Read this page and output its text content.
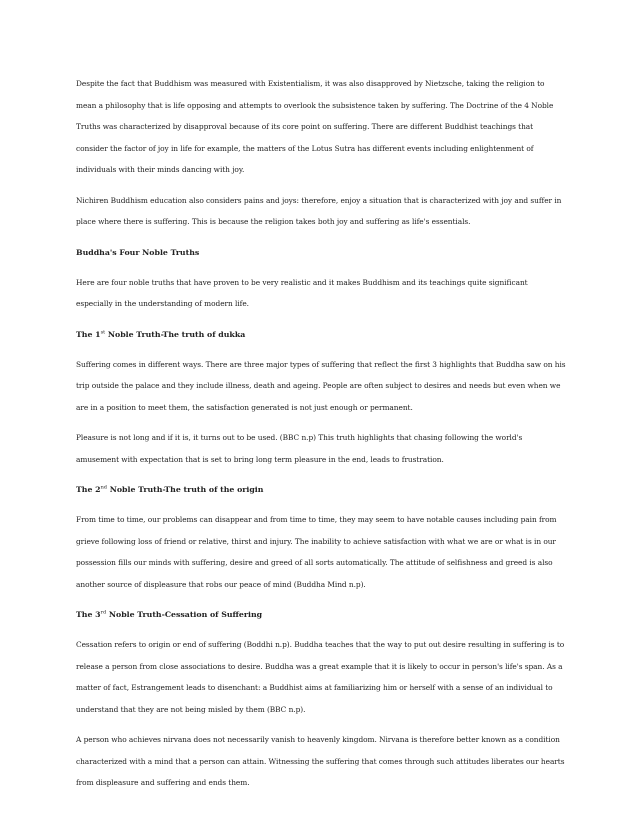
Despite the fact that Buddhism was measured with Existentialism, it was also disapproved by Nietzsche, taking the religion to mean a philosophy that is life opposing and attempts to overlook the subsistence taken by suffering. The Doctrine of the 4 Noble Truths was characterized by disapproval because of its core point on suffering. There are different Buddhist teachings that consider the factor of joy in life for example, the matters of the Lotus Sutra has different events including enlightenment of individuals with their minds dancing with joy.

Nichiren Buddhism education also considers pains and joys: therefore, enjoy a situation that is characterized with joy and suffer in place where there is suffering. This is because the religion takes both joy and suffering as life's essentials.

Buddha's Four Noble Truths

Here are four noble truths that have proven to be very realistic and it makes Buddhism and its teachings quite significant especially in the understanding of modern life.

The 1st Noble Truth-The truth of dukka

Suffering comes in different ways. There are three major types of suffering that reflect the first 3 highlights that Buddha saw on his trip outside the palace and they include illness, death and ageing. People are often subject to desires and needs but even when we are in a position to meet them, the satisfaction generated is not just enough or permanent.

Pleasure is not long and if it is, it turns out to be used. (BBC n.p) This truth highlights that chasing following the world's amusement with expectation that is set to bring long term pleasure in the end, leads to frustration.

The 2nd Noble Truth-The truth of the origin

From time to time, our problems can disappear and from time to time, they may seem to have notable causes including pain from grieve following loss of friend or relative, thirst and injury. The inability to achieve satisfaction with what we are or what is in our possession fills our minds with suffering, desire and greed of all sorts automatically. The attitude of selfishness and greed is also another source of displeasure that robs our peace of mind (Buddha Mind n.p).

The 3rd Noble Truth-Cessation of Suffering

Cessation refers to origin or end of suffering (Boddhi n.p). Buddha teaches that the way to put out desire resulting in suffering is to release a person from close associations to desire. Buddha was a great example that it is likely to occur in person's life's span. As a matter of fact, Estrangement leads to disenchant: a Buddhist aims at familiarizing him or herself with a sense of an individual to understand that they are not being misled by them (BBC n.p).

A person who achieves nirvana does not necessarily vanish to heavenly kingdom. Nirvana is therefore better known as a condition characterized with a mind that a person can attain. Witnessing the suffering that comes through such attitudes liberates our hearts from displeasure and suffering and ends them.
